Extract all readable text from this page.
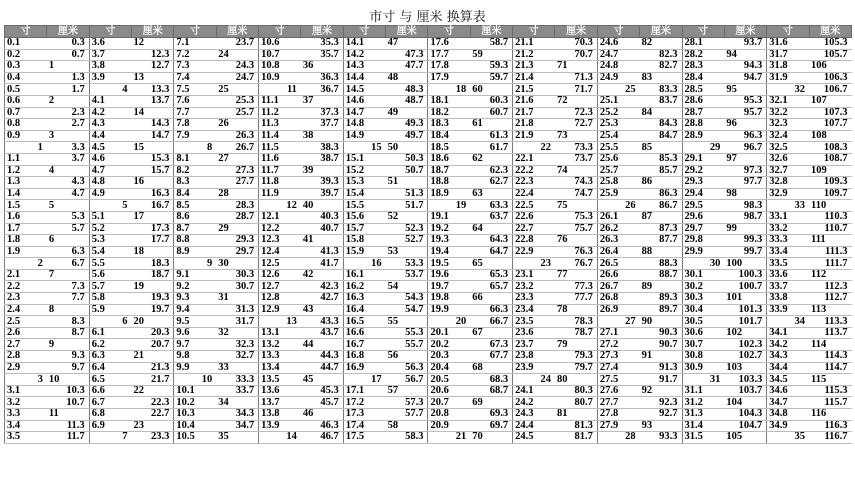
市寸 与 厘米 换算表
寸	厘米	寸	厘米	寸	厘米	寸	厘米	寸	厘米	寸	厘米	寸	厘米	寸	厘米	寸	厘米	寸	厘米
0.1	0.3	3.6	12	7.1	23.7	10.6	35.3	14.1	47	17.6	58.7	21.1	70.3	24.6	82	28.1	93.7	31.6	105.3
0.2	0.7	3.7	12.3	7.2	24	10.7	35.7	14.2	47.3	17.7	59	21.2	70.7	24.7	82.3	28.2	94	31.7	105.7
0.3	1	3.8	12.7	7.3	24.3	10.8	36	14.3	47.7	17.8	59.3	21.3	71	24.8	82.7	28.3	94.3	31.8	106
0.4	1.3	3.9	13	7.4	24.7	10.9	36.3	14.4	48	17.9	59.7	21.4	71.3	24.9	83	28.4	94.7	31.9	106.3
0.5	1.7	4	13.3	7.5	25	11	36.7	14.5	48.3	18	60	21.5	71.7	25	83.3	28.5	95	32	106.7
0.6	2	4.1	13.7	7.6	25.3	11.1	37	14.6	48.7	18.1	60.3	21.6	72	25.1	83.7	28.6	95.3	32.1	107
0.7	2.3	4.2	14	7.7	25.7	11.2	37.3	14.7	49	18.2	60.7	21.7	72.3	25.2	84	28.7	95.7	32.2	107.3
0.8	2.7	4.3	14.3	7.8	26	11.3	37.7	14.8	49.3	18.3	61	21.8	72.7	25.3	84.3	28.8	96	32.3	107.7
0.9	3	4.4	14.7	7.9	26.3	11.4	38	14.9	49.7	18.4	61.3	21.9	73	25.4	84.7	28.9	96.3	32.4	108
1	3.3	4.5	15	8	26.7	11.5	38.3	15	50	18.5	61.7	22	73.3	25.5	85	29	96.7	32.5	108.3
1.1	3.7	4.6	15.3	8.1	27	11.6	38.7	15.1	50.3	18.6	62	22.1	73.7	25.6	85.3	29.1	97	32.6	108.7
1.2	4	4.7	15.7	8.2	27.3	11.7	39	15.2	50.7	18.7	62.3	22.2	74	25.7	85.7	29.2	97.3	32.7	109
1.3	4.3	4.8	16	8.3	27.7	11.8	39.3	15.3	51	18.8	62.7	22.3	74.3	25.8	86	29.3	97.7	32.8	109.3
1.4	4.7	4.9	16.3	8.4	28	11.9	39.7	15.4	51.3	18.9	63	22.4	74.7	25.9	86.3	29.4	98	32.9	109.7
1.5	5	5	16.7	8.5	28.3	12	40	15.5	51.7	19	63.3	22.5	75	26	86.7	29.5	98.3	33	110
1.6	5.3	5.1	17	8.6	28.7	12.1	40.3	15.6	52	19.1	63.7	22.6	75.3	26.1	87	29.6	98.7	33.1	110.3
1.7	5.7	5.2	17.3	8.7	29	12.2	40.7	15.7	52.3	19.2	64	22.7	75.7	26.2	87.3	29.7	99	33.2	110.7
1.8	6	5.3	17.7	8.8	29.3	12.3	41	15.8	52.7	19.3	64.3	22.8	76	26.3	87.7	29.8	99.3	33.3	111
1.9	6.3	5.4	18	8.9	29.7	12.4	41.3	15.9	53	19.4	64.7	22.9	76.3	26.4	88	29.9	99.7	33.4	111.3
2	6.7	5.5	18.3	9	30	12.5	41.7	16	53.3	19.5	65	23	76.7	26.5	88.3	30	100	33.5	111.7
2.1	7	5.6	18.7	9.1	30.3	12.6	42	16.1	53.7	19.6	65.3	23.1	77	26.6	88.7	30.1	100.3	33.6	112
2.2	7.3	5.7	19	9.2	30.7	12.7	42.3	16.2	54	19.7	65.7	23.2	77.3	26.7	89	30.2	100.7	33.7	112.3
2.3	7.7	5.8	19.3	9.3	31	12.8	42.7	16.3	54.3	19.8	66	23.3	77.7	26.8	89.3	30.3	101	33.8	112.7
2.4	8	5.9	19.7	9.4	31.3	12.9	43	16.4	54.7	19.9	66.3	23.4	78	26.9	89.7	30.4	101.3	33.9	113
2.5	8.3	6	20	9.5	31.7	13	43.3	16.5	55	20	66.7	23.5	78.3	27	90	30.5	101.7	34	113.3
2.6	8.7	6.1	20.3	9.6	32	13.1	43.7	16.6	55.3	20.1	67	23.6	78.7	27.1	90.3	30.6	102	34.1	113.7
2.7	9	6.2	20.7	9.7	32.3	13.2	44	16.7	55.7	20.2	67.3	23.7	79	27.2	90.7	30.7	102.3	34.2	114
2.8	9.3	6.3	21	9.8	32.7	13.3	44.3	16.8	56	20.3	67.7	23.8	79.3	27.3	91	30.8	102.7	34.3	114.3
2.9	9.7	6.4	21.3	9.9	33	13.4	44.7	16.9	56.3	20.4	68	23.9	79.7	27.4	91.3	30.9	103	34.4	114.7
3	10	6.5	21.7	10	33.3	13.5	45	17	56.7	20.5	68.3	24	80	27.5	91.7	31	103.3	34.5	115
3.1	10.3	6.6	22	10.1	33.7	13.6	45.3	17.1	57	20.6	68.7	24.1	80.3	27.6	92	31.1	103.7	34.6	115.3
3.2	10.7	6.7	22.3	10.2	34	13.7	45.7	17.2	57.3	20.7	69	24.2	80.7	27.7	92.3	31.2	104	34.7	115.7
3.3	11	6.8	22.7	10.3	34.3	13.8	46	17.3	57.7	20.8	69.3	24.3	81	27.8	92.7	31.3	104.3	34.8	116
3.4	11.3	6.9	23	10.4	34.7	13.9	46.3	17.4	58	20.9	69.7	24.4	81.3	27.9	93	31.4	104.7	34.9	116.3
3.5	11.7	7	23.3	10.5	35	14	46.7	17.5	58.3	21	70	24.5	81.7	28	93.3	31.5	105	35	116.7
